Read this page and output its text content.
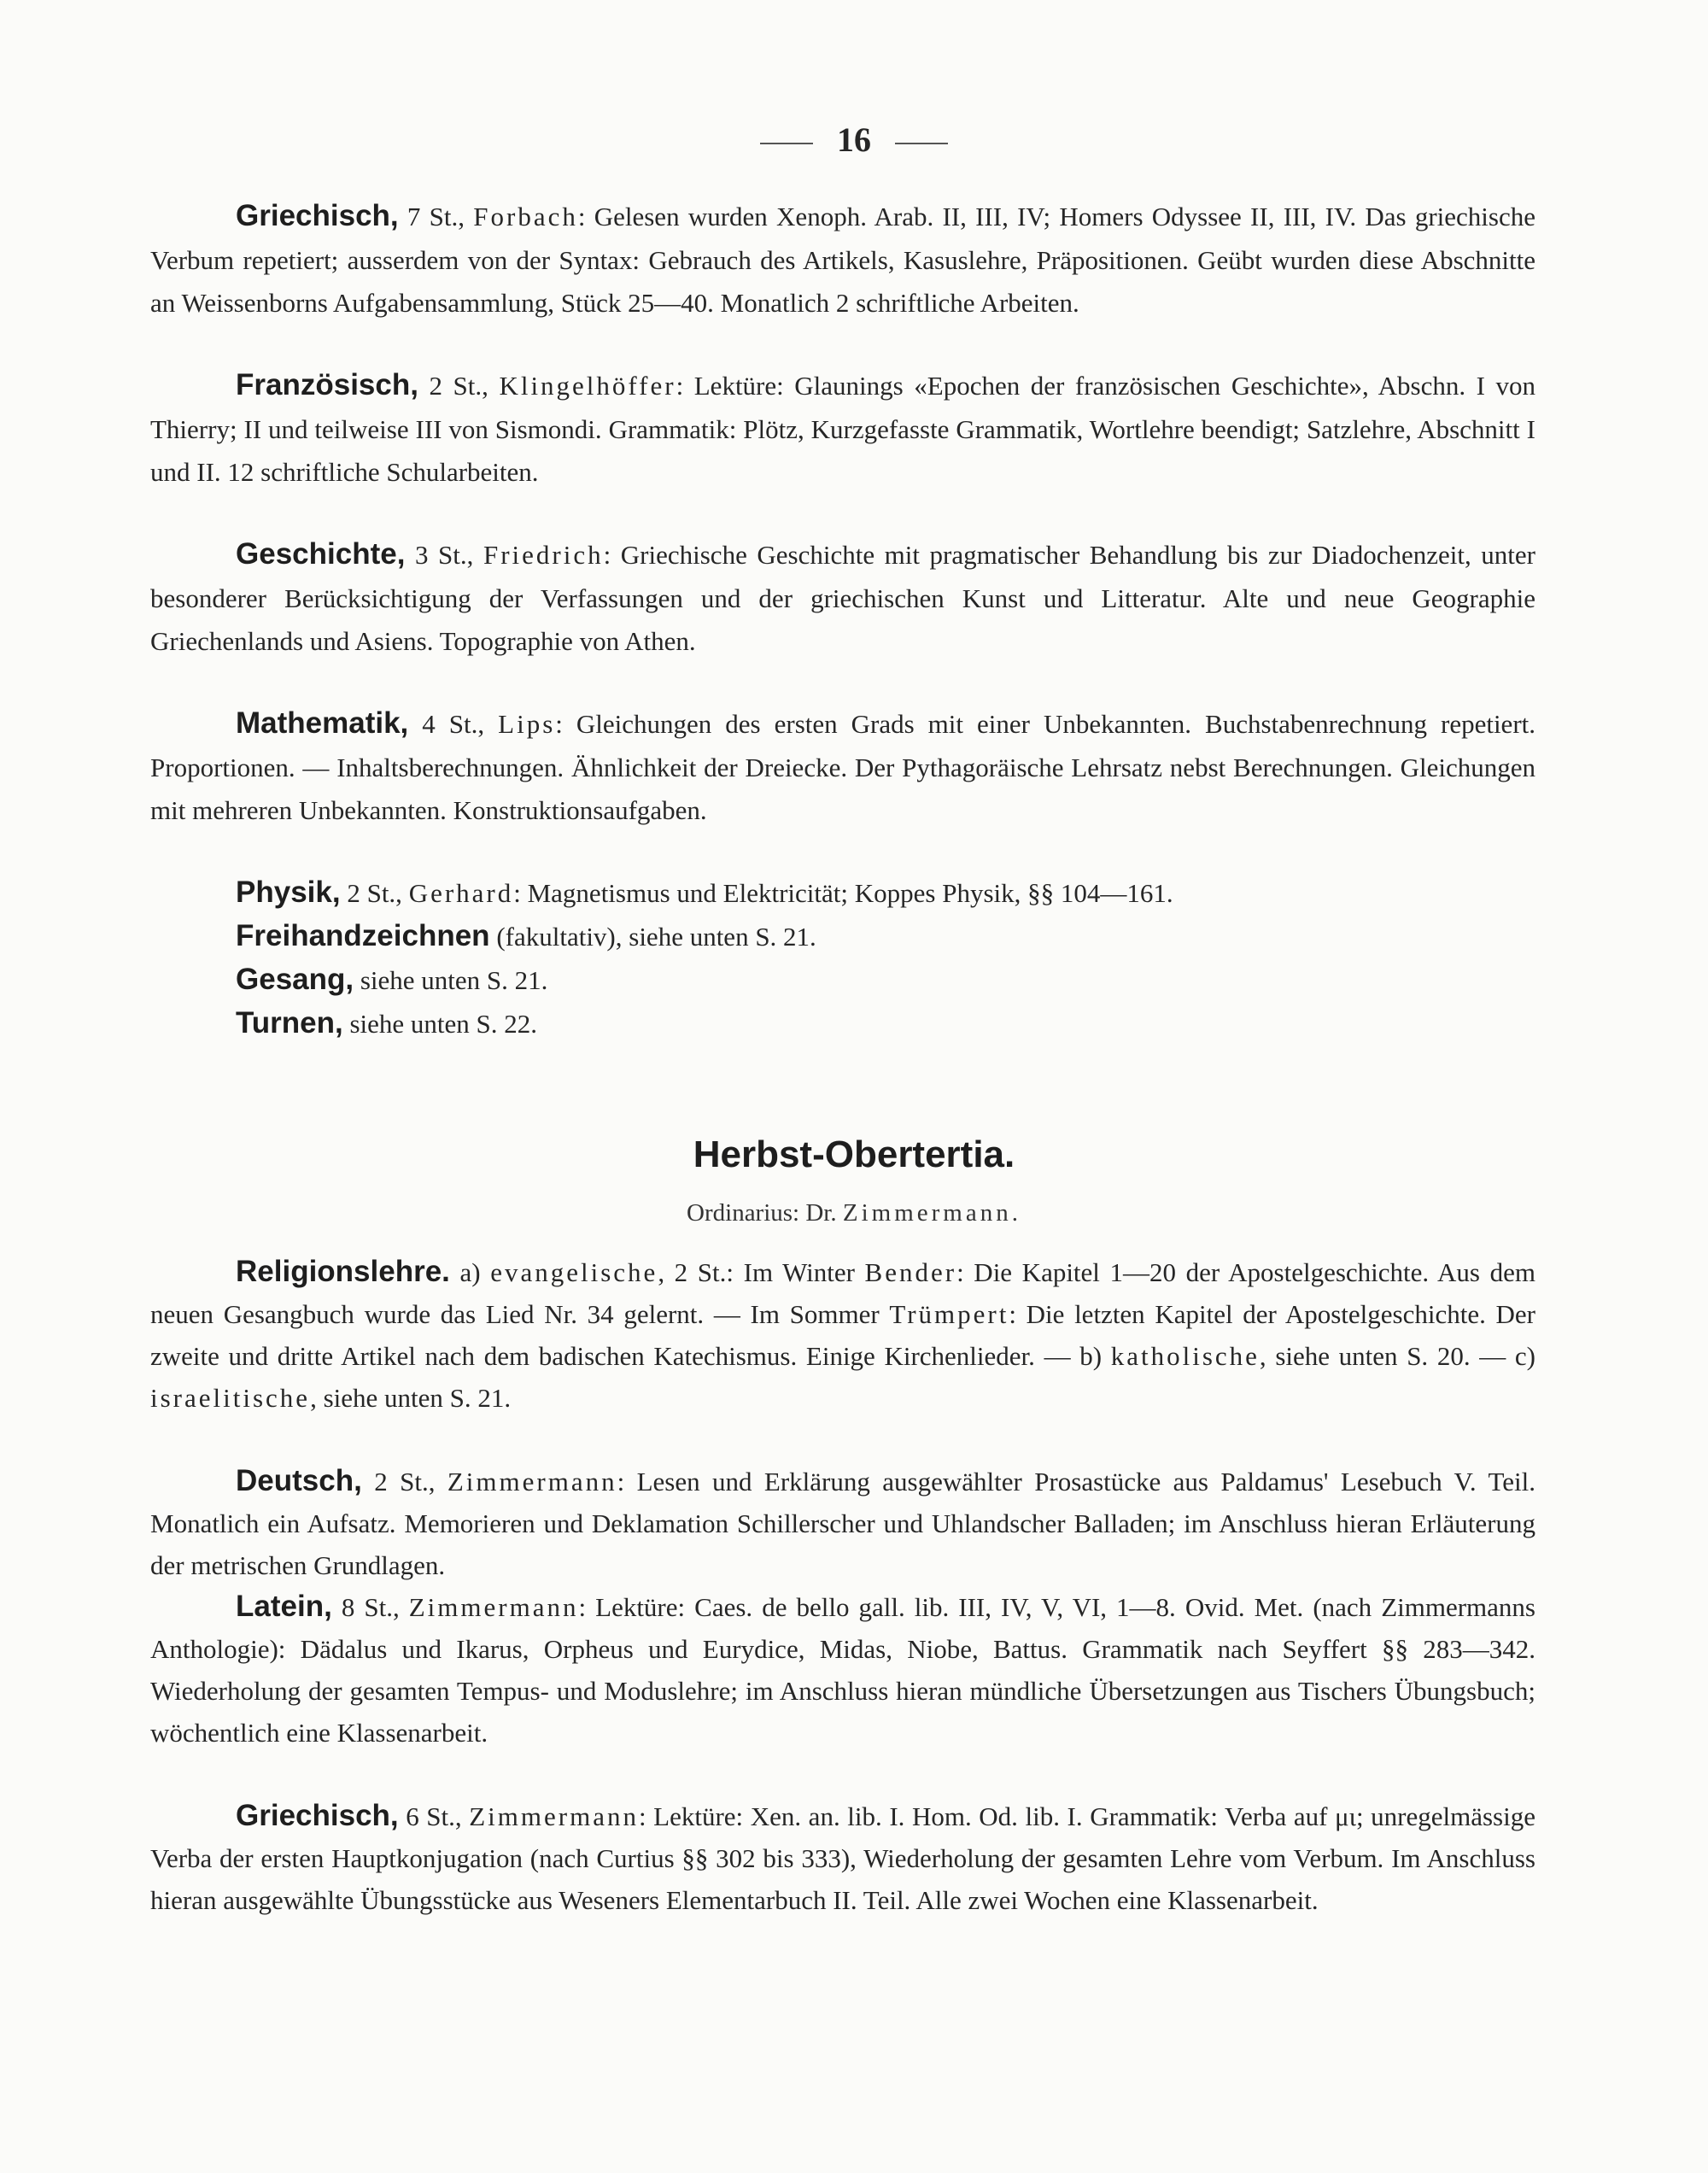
16

Griechisch, 7 St., Forbach: Gelesen wurden Xenoph. Arab. II, III, IV; Homers Odyssee II, III, IV. Das griechische Verbum repetiert; ausserdem von der Syntax: Gebrauch des Artikels, Kasuslehre, Präpositionen. Geübt wurden diese Abschnitte an Weissenborns Aufgabensammlung, Stück 25—40. Monatlich 2 schriftliche Arbeiten.

Französisch, 2 St., Klingelhöffer: Lektüre: Glaunings «Epochen der französischen Geschichte», Abschn. I von Thierry; II und teilweise III von Sismondi. Grammatik: Plötz, Kurzgefasste Grammatik, Wortlehre beendigt; Satzlehre, Abschnitt I und II. 12 schriftliche Schularbeiten.

Geschichte, 3 St., Friedrich: Griechische Geschichte mit pragmatischer Behandlung bis zur Diadochenzeit, unter besonderer Berücksichtigung der Verfassungen und der griechischen Kunst und Litteratur. Alte und neue Geographie Griechenlands und Asiens. Topographie von Athen.

Mathematik, 4 St., Lips: Gleichungen des ersten Grads mit einer Unbekannten. Buchstabenrechnung repetiert. Proportionen. — Inhaltsberechnungen. Ähnlichkeit der Dreiecke. Der Pythagoräische Lehrsatz nebst Berechnungen. Gleichungen mit mehreren Unbekannten. Konstruktionsaufgaben.

Physik, 2 St., Gerhard: Magnetismus und Elektricität; Koppes Physik, §§ 104—161.

Freihandzeichnen (fakultativ), siehe unten S. 21.

Gesang, siehe unten S. 21.

Turnen, siehe unten S. 22.

Herbst-Obertertia.
Ordinarius: Dr. Zimmermann.

Religionslehre. a) evangelische, 2 St.: Im Winter Bender: Die Kapitel 1—20 der Apostelgeschichte. Aus dem neuen Gesangbuch wurde das Lied Nr. 34 gelernt. — Im Sommer Trümpert: Die letzten Kapitel der Apostelgeschichte. Der zweite und dritte Artikel nach dem badischen Katechismus. Einige Kirchenlieder. — b) katholische, siehe unten S. 20. — c) israelitische, siehe unten S. 21.

Deutsch, 2 St., Zimmermann: Lesen und Erklärung ausgewählter Prosastücke aus Paldamus' Lesebuch V. Teil. Monatlich ein Aufsatz. Memorieren und Deklamation Schillerscher und Uhlandscher Balladen; im Anschluss hieran Erläuterung der metrischen Grundlagen.

Latein, 8 St., Zimmermann: Lektüre: Caes. de bello gall. lib. III, IV, V, VI, 1—8. Ovid. Met. (nach Zimmermanns Anthologie): Dädalus und Ikarus, Orpheus und Eurydice, Midas, Niobe, Battus. Grammatik nach Seyffert §§ 283—342. Wiederholung der gesamten Tempus- und Moduslehre; im Anschluss hieran mündliche Übersetzungen aus Tischers Übungsbuch; wöchentlich eine Klassenarbeit.

Griechisch, 6 St., Zimmermann: Lektüre: Xen. an. lib. I. Hom. Od. lib. I. Grammatik: Verba auf μι; unregelmässige Verba der ersten Hauptkonjugation (nach Curtius §§ 302 bis 333), Wiederholung der gesamten Lehre vom Verbum. Im Anschluss hieran ausgewählte Übungsstücke aus Weseners Elementarbuch II. Teil. Alle zwei Wochen eine Klassenarbeit.
